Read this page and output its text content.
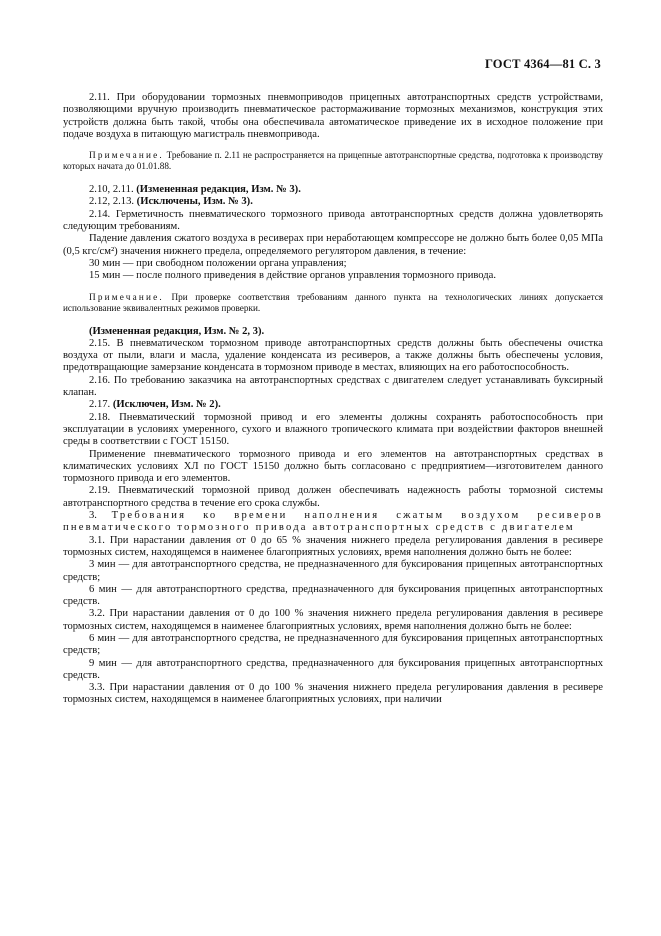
ГОСТ 4364—81 С. 3

2.11. При оборудовании тормозных пневмоприводов прицепных автотранспортных средств устройствами, позволяющими вручную производить пневматическое растормаживание тормозных механизмов, конструкция этих устройств должна быть такой, чтобы она обеспечивала автоматическое приведение их в исходное положение при подаче воздуха в питающую магистраль пневмопривода.

Примечание. Требование п. 2.11 не распространяется на прицепные автотранспортные средства, подготовка к производству которых начата до 01.01.88.

2.10, 2.11. (Измененная редакция, Изм. № 3).

2.12, 2.13. (Исключены, Изм. № 3).

2.14. Герметичность пневматического тормозного привода автотранспортных средств должна удовлетворять следующим требованиям.

Падение давления сжатого воздуха в ресиверах при неработающем компрессоре не должно быть более 0,05 МПа (0,5 кгс/см²) значения нижнего предела, определяемого регулятором давления, в течение:

30 мин — при свободном положении органа управления;

15 мин — после полного приведения в действие органов управления тормозного привода.

Примечание. При проверке соответствия требованиям данного пункта на технологических линиях допускается использование эквивалентных режимов проверки.

(Измененная редакция, Изм. № 2, 3).

2.15. В пневматическом тормозном приводе автотранспортных средств должны быть обеспечены очистка воздуха от пыли, влаги и масла, удаление конденсата из ресиверов, а также должны быть обеспечены условия, предотвращающие замерзание конденсата в тормозном приводе в местах, влияющих на его работоспособность.

2.16. По требованию заказчика на автотранспортных средствах с двигателем следует устанавливать буксирный клапан.

2.17. (Исключен, Изм. № 2).

2.18. Пневматический тормозной привод и его элементы должны сохранять работоспособность при эксплуатации в условиях умеренного, сухого и влажного тропического климата при воздействии факторов внешней среды в соответствии с ГОСТ 15150.

Применение пневматического тормозного привода и его элементов на автотранспортных средствах в климатических условиях ХЛ по ГОСТ 15150 должно быть согласовано с предприятием—изготовителем данного тормозного привода и его элементов.

2.19. Пневматический тормозной привод должен обеспечивать надежность работы тормозной системы автотранспортного средства в течение его срока службы.

3. Требования ко времени наполнения сжатым воздухом ресиверов пневматического тормозного привода автотранспортных средств с двигателем

3.1. При нарастании давления от 0 до 65 % значения нижнего предела регулирования давления в ресивере тормозных систем, находящемся в наименее благоприятных условиях, время наполнения должно быть не более:

3 мин — для автотранспортного средства, не предназначенного для буксирования прицепных автотранспортных средств;

6 мин — для автотранспортного средства, предназначенного для буксирования прицепных автотранспортных средств.

3.2. При нарастании давления от 0 до 100 % значения нижнего предела регулирования давления в ресивере тормозных систем, находящемся в наименее благоприятных условиях, время наполнения должно быть не более:

6 мин — для автотранспортного средства, не предназначенного для буксирования прицепных автотранспортных средств;

9 мин — для автотранспортного средства, предназначенного для буксирования прицепных автотранспортных средств.

3.3. При нарастании давления от 0 до 100 % значения нижнего предела регулирования давления в ресивере тормозных систем, находящемся в наименее благоприятных условиях, при наличии
